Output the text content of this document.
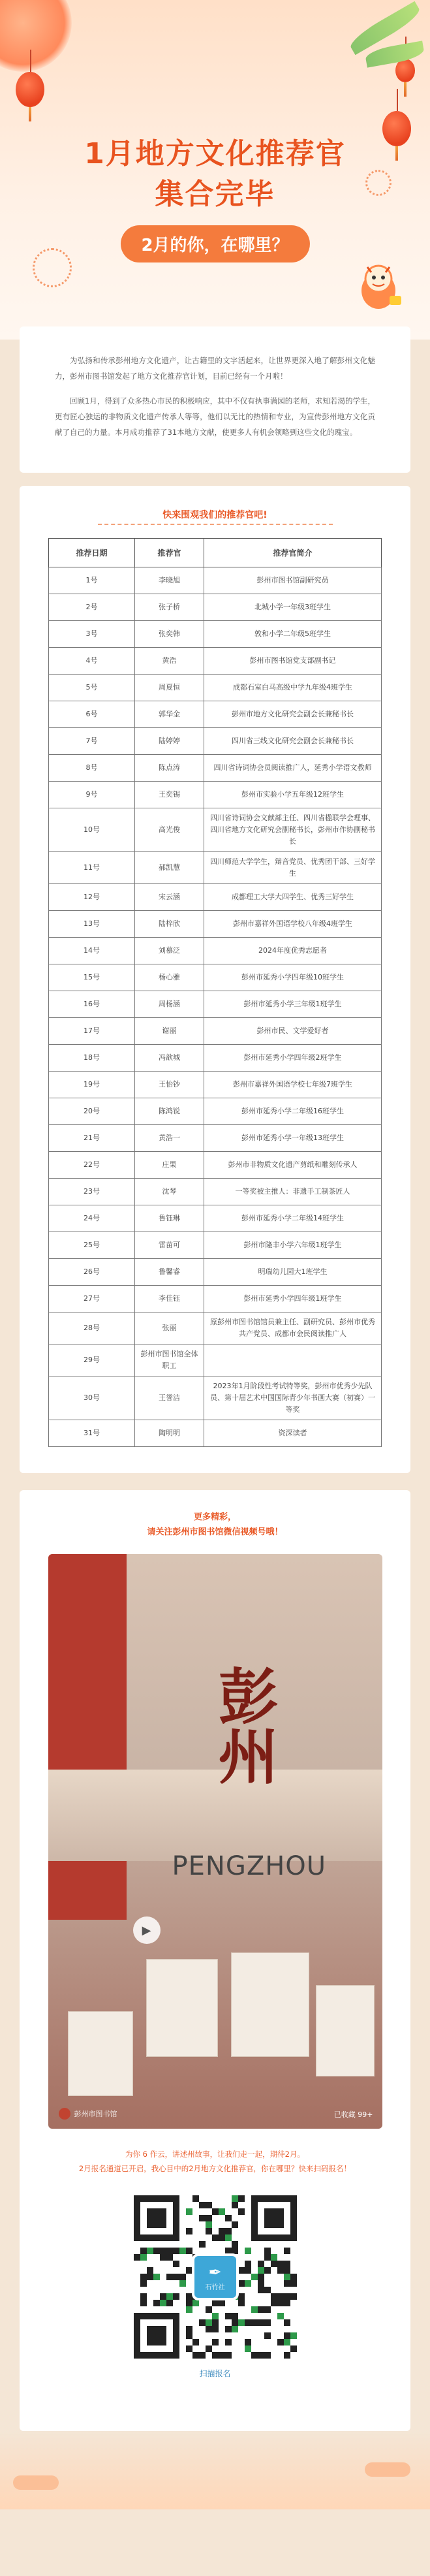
1月地方文化推荐官
集合完毕
2月的你，在哪里？

为弘扬和传承彭州地方文化遗产，让古籍里的文字活起来，让世界更深入地了解彭州文化魅力，彭州市图书馆发起了地方文化推荐官计划，目前已经有一个月啦！

回顾1月，得到了众多热心市民的积极响应，其中不仅有执事满园的老师，求知若渴的学生，更有匠心独运的非物质文化遗产传承人等等，他们以无比的热情和专业，为宣传彭州地方文化贡献了自己的力量。本月成功推荐了31本地方文献，使更多人有机会领略到这些文化的瑰宝。

快来围观我们的推荐官吧!
推荐日期	推荐官	推荐官简介
1号	李晓旭	彭州市图书馆副研究员
2号	张子桥	北城小学一年级3班学生
3号	张奕韩	敦和小学二年级5班学生
4号	黄浩	彭州市图书馆党支部副书记
5号	周夏恒	成都石室白马高级中学九年级4班学生
6号	郭华金	彭州市地方文化研究会副会长兼秘书长
7号	陆婷婷	四川省三线文化研究会副会长兼秘书长
8号	陈点涛	四川省诗词协会员阅读推广人，延秀小学语文教师
9号	王奕锡	彭州市实验小学五年级12班学生
10号	高光俊	四川省诗词协会文献部主任、四川省楹联学会理事、四川省地方文化研究会副秘书长，彭州市作协副秘书长
11号	郝凯慧	四川师范大学学生，辩音党员、优秀团干部、三好学生
12号	宋云涵	成都理工大学大四学生、优秀三好学生
13号	陆梓欣	彭州市嘉祥外国语学校八年级4班学生
14号	刘慕泛	2024年度优秀志愿者
15号	杨心雅	彭州市延秀小学四年级10班学生
16号	周杨涵	彭州市延秀小学三年级1班学生
17号	谢丽	彭州市民、文学爱好者
18号	冯歆城	彭州市延秀小学四年级2班学生
19号	王怡钞	彭州市嘉祥外国语学校七年级7班学生
20号	陈鸿锐	彭州市延秀小学二年级16班学生
21号	黄浩一	彭州市延秀小学一年级13班学生
22号	庄果	彭州市非物质文化遗产剪纸和雕刻传承人
23号	沈琴	一等奖被主推人：非遗手工制茶匠人
24号	鲁钰琳	彭州市延秀小学二年级14班学生
25号	雷苗可	彭州市隆丰小学六年级1班学生
26号	鲁馨睿	明瑞幼儿园大1班学生
27号	李佳钰	彭州市延秀小学四年级1班学生
28号	张丽	原彭州市图书馆馆员兼主任、副研究员、彭州市优秀共产党员、成都市金民阅读推广人
29号	彭州市图书馆全体职工	
30号	王誉洁	2023年1月阶段性考试特等奖，彭州市优秀少先队员、第十届艺术中国国际青少年书画大赛（初赛）一等奖
31号	陶明明	资深读者
更多精彩，
请关注彭州市图书馆微信视频号哦！
彭州
PENGZHOU
▶
彭州市图书馆	已收藏 99+

为你 6 作云，讲述州故事，让我们走一起，期待2月。

2月报名通道已开启，我心目中的2月地方文化推荐官，你在哪里？快来扫码报名！

✒
石竹社
扫描报名
